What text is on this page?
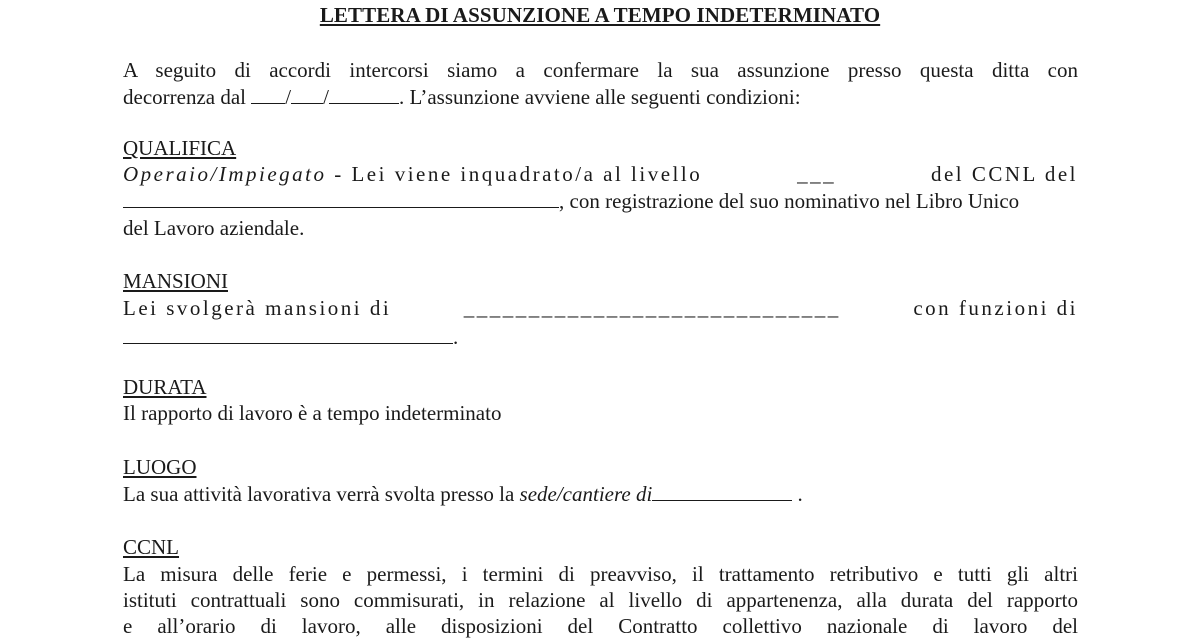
LETTERA DI ASSUNZIONE A TEMPO INDETERMINATO
A seguito di accordi intercorsi siamo a confermare la sua assunzione presso questa ditta con
decorrenza dal / /	. L’assunzione avviene alle seguenti condizioni:
QUALIFICA
Operaio/Impiegato - Lei viene inquadrato/a al livello	___	del CCNL del
, con registrazione del suo nominativo nel Libro Unico
del Lavoro aziendale.
MANSIONI
Lei svolgerà mansioni di	_____________________________	con funzioni di
.
DURATA
Il rapporto di lavoro è a tempo indeterminato
LUOGO
La sua attività lavorativa verrà svolta presso la sede/cantiere di	.
CCNL
La misura delle ferie e permessi, i termini di preavviso, il trattamento retributivo e tutti gli altri
istituti contrattuali sono commisurati, in relazione al livello di appartenenza, alla durata del rapporto
e all’orario di lavoro, alle disposizioni del Contratto collettivo nazionale di lavoro del
